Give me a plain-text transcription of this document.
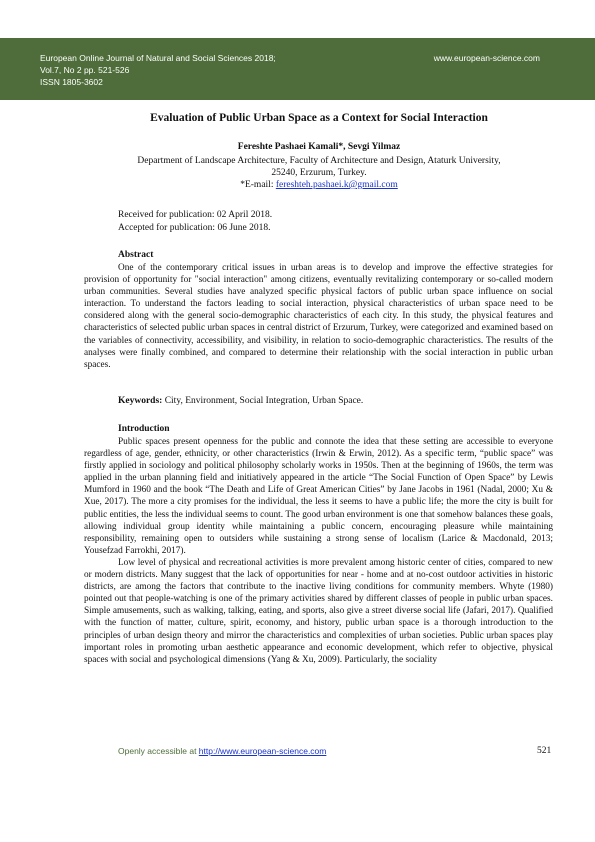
European Online Journal of Natural and Social Sciences 2018;
Vol.7, No 2 pp. 521-526
ISSN 1805-3602
www.european-science.com
Evaluation of Public Urban Space as a Context for Social Interaction
Fereshte Pashaei Kamali*, Sevgi Yilmaz
Department of Landscape Architecture, Faculty of Architecture and Design, Ataturk University,
25240, Erzurum, Turkey.
*E-mail: fereshteh.pashaei.k@gmail.com
Received for publication: 02 April 2018.
Accepted for publication: 06 June 2018.
Abstract

One of the contemporary critical issues in urban areas is to develop and improve the effective strategies for provision of opportunity for "social interaction" among citizens, eventually revitalizing contemporary or so-called modern urban communities. Several studies have analyzed specific physical factors of public urban space influence on social interaction. To understand the factors leading to social interaction, physical characteristics of urban space need to be considered along with the general socio-demographic characteristics of each city. In this study, the physical features and characteristics of selected public urban spaces in central district of Erzurum, Turkey, were categorized and examined based on the variables of connectivity, accessibility, and visibility, in relation to socio-demographic characteristics. The results of the analyses were finally combined, and compared to determine their relationship with the social interaction in public urban spaces.

Keywords: City, Environment, Social Integration, Urban Space.
Introduction

Public spaces present openness for the public and connote the idea that these setting are accessible to everyone regardless of age, gender, ethnicity, or other characteristics (Irwin & Erwin, 2012). As a specific term, “public space” was firstly applied in sociology and political philosophy scholarly works in 1950s. Then at the beginning of 1960s, the term was applied in the urban planning field and initiatively appeared in the article “The Social Function of Open Space” by Lewis Mumford in 1960 and the book “The Death and Life of Great American Cities” by Jane Jacobs in 1961 (Nadal, 2000; Xu & Xue, 2017). The more a city promises for the individual, the less it seems to have a public life; the more the city is built for public entities, the less the individual seems to count. The good urban environment is one that somehow balances these goals, allowing individual group identity while maintaining a public concern, encouraging pleasure while maintaining responsibility, remaining open to outsiders while sustaining a strong sense of localism (Larice & Macdonald, 2013; Yousefzad Farrokhi, 2017).

Low level of physical and recreational activities is more prevalent among historic center of cities, compared to new or modern districts. Many suggest that the lack of opportunities for near - home and at no-cost outdoor activities in historic districts, are among the factors that contribute to the inactive living conditions for community members. Whyte (1980) pointed out that people-watching is one of the primary activities shared by different classes of people in public urban spaces. Simple amusements, such as walking, talking, eating, and sports, also give a street diverse social life (Jafari, 2017). Qualified with the function of matter, culture, spirit, economy, and history, public urban space is a thorough introduction to the principles of urban design theory and mirror the characteristics and complexities of urban societies. Public urban spaces play important roles in promoting urban aesthetic appearance and economic development, which refer to objective, physical spaces with social and psychological dimensions (Yang & Xu, 2009). Particularly, the sociality

Openly accessible at http://www.european-science.com	521
